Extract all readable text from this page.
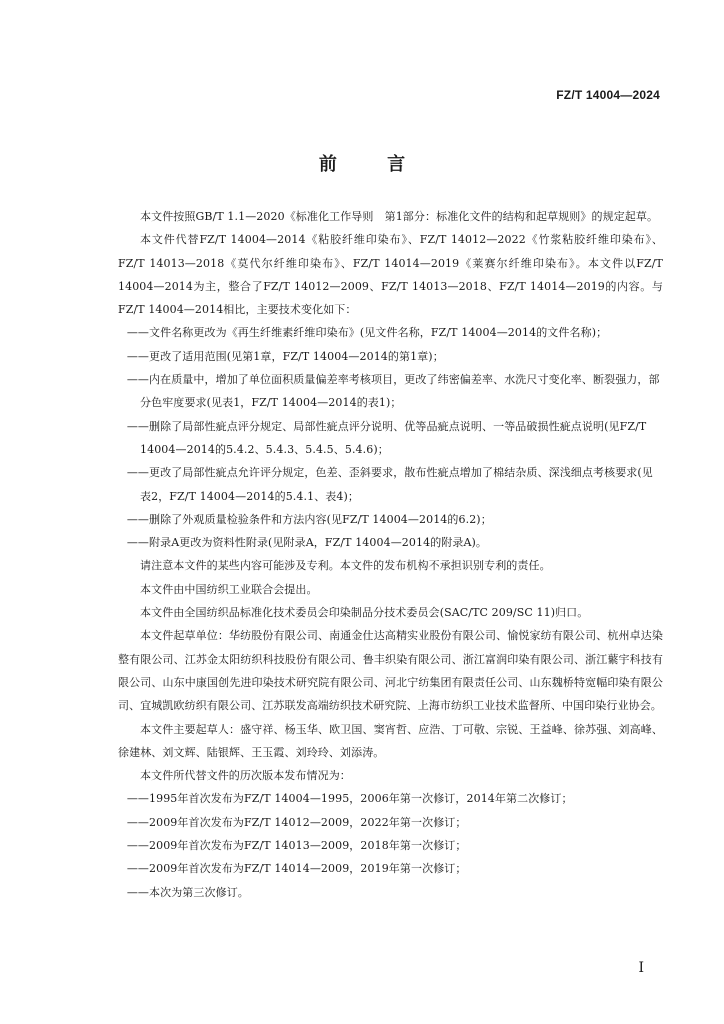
FZ/T 14004—2024
前 言

本文件按照GB/T 1.1—2020《标准化工作导则　第1部分：标准化文件的结构和起草规则》的规定起草。

本文件代替FZ/T 14004—2014《粘胶纤维印染布》、FZ/T 14012—2022《竹浆粘胶纤维印染布》、FZ/T 14013—2018《莫代尔纤维印染布》、FZ/T 14014—2019《莱赛尔纤维印染布》。本文件以FZ/T 14004—2014为主，整合了FZ/T 14012—2009、FZ/T 14013—2018、FZ/T 14014—2019的内容。与FZ/T 14004—2014相比，主要技术变化如下：

——文件名称更改为《再生纤维素纤维印染布》(见文件名称，FZ/T 14004—2014的文件名称)；

——更改了适用范围(见第1章，FZ/T 14004—2014的第1章)；

——内在质量中，增加了单位面积质量偏差率考核项目，更改了纬密偏差率、水洗尺寸变化率、断裂强力，部分色牢度要求(见表1，FZ/T 14004—2014的表1)；

——删除了局部性疵点评分规定、局部性疵点评分说明、优等品疵点说明、一等品破损性疵点说明(见FZ/T 14004—2014的5.4.2、5.4.3、5.4.5、5.4.6)；

——更改了局部性疵点允许评分规定，色差、歪斜要求，散布性疵点增加了棉结杂质、深浅细点考核要求(见表2，FZ/T 14004—2014的5.4.1、表4)；

——删除了外观质量检验条件和方法内容(见FZ/T 14004—2014的6.2)；

——附录A更改为资料性附录(见附录A，FZ/T 14004—2014的附录A)。

请注意本文件的某些内容可能涉及专利。本文件的发布机构不承担识别专利的责任。

本文件由中国纺织工业联合会提出。

本文件由全国纺织品标准化技术委员会印染制品分技术委员会(SAC/TC 209/SC 11)归口。

本文件起草单位：华纺股份有限公司、南通金仕达高精实业股份有限公司、愉悦家纺有限公司、杭州卓达染整有限公司、江苏金太阳纺织科技股份有限公司、鲁丰织染有限公司、浙江富润印染有限公司、浙江蘩宇科技有限公司、山东中康国创先进印染技术研究院有限公司、河北宁纺集团有限责任公司、山东魏桥特宽幅印染有限公司、宜城凯欧纺织有限公司、江苏联发高端纺织技术研究院、上海市纺织工业技术监督所、中国印染行业协会。

本文件主要起草人：盛守祥、杨玉华、欧卫国、窦宵哲、应浩、丁可敬、宗锐、王益峰、徐苏强、刘高峰、徐建林、刘文辉、陆银辉、王玉霞、刘玲玲、刘添涛。

本文件所代替文件的历次版本发布情况为：

——1995年首次发布为FZ/T 14004—1995，2006年第一次修订，2014年第二次修订；

——2009年首次发布为FZ/T 14012—2009，2022年第一次修订；

——2009年首次发布为FZ/T 14013—2009，2018年第一次修订；

——2009年首次发布为FZ/T 14014—2009，2019年第一次修订；

——本次为第三次修订。

I
